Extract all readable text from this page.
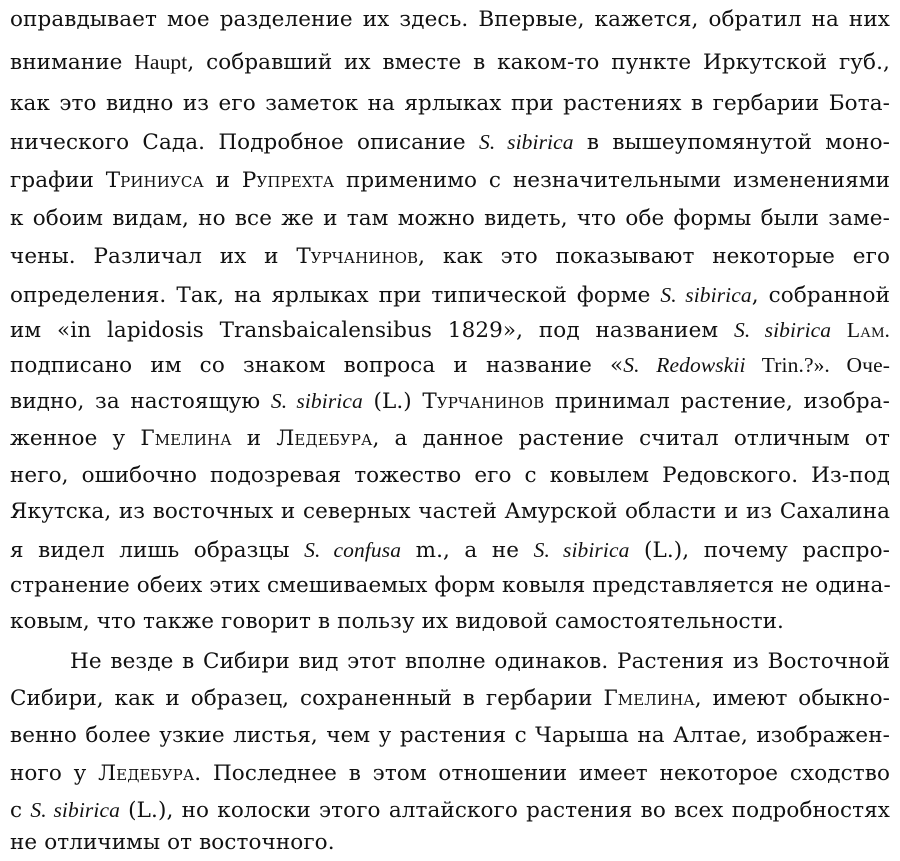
оправдывает мое разделение их здесь. Впервые, кажется, обратил на них
внимание Haupt, собравший их вместе в каком-то пункте Иркутской губ.,
как это видно из его заметок на ярлыках при растениях в гербарии Бота-
нического Сада. Подробное описание S. sibirica в вышеупомянутой моно-
графии Триниуса и Рупрехта применимо с незначительными изменениями
к обоим видам, но все же и там можно видеть, что обе формы были заме-
чены. Различал их и Турчанинов, как это показывают некоторые его
определения. Так, на ярлыках при типической форме S. sibirica, собранной
им «in lapidosis Transbaicalensibus 1829», под названием S. sibirica Lam.
подписано им со знаком вопроса и название «S. Redowskii Trin.?». Оче-
видно, за настоящую S. sibirica (L.) Турчанинов принимал растение, изобра-
женное у Гмелина и Ледебура, а данное растение считал отличным от
него, ошибочно подозревая тожество его с ковылем Редовского. Из-под
Якутска, из восточных и северных частей Амурской области и из Сахалина
я видел лишь образцы S. confusa m., а не S. sibirica (L.), почему распро-
странение обеих этих смешиваемых форм ковыля представляется не одина-
ковым, что также говорит в пользу их видовой самостоятельности.
Не везде в Сибири вид этот вполне одинаков. Растения из Восточной
Сибири, как и образец, сохраненный в гербарии Гмелина, имеют обыкно-
венно более узкие листья, чем у растения с Чарыша на Алтае, изображен-
ного у Ледебура. Последнее в этом отношении имеет некоторое сходство
с S. sibirica (L.), но колоски этого алтайского растения во всех подробностях
не отличимы от восточного.
